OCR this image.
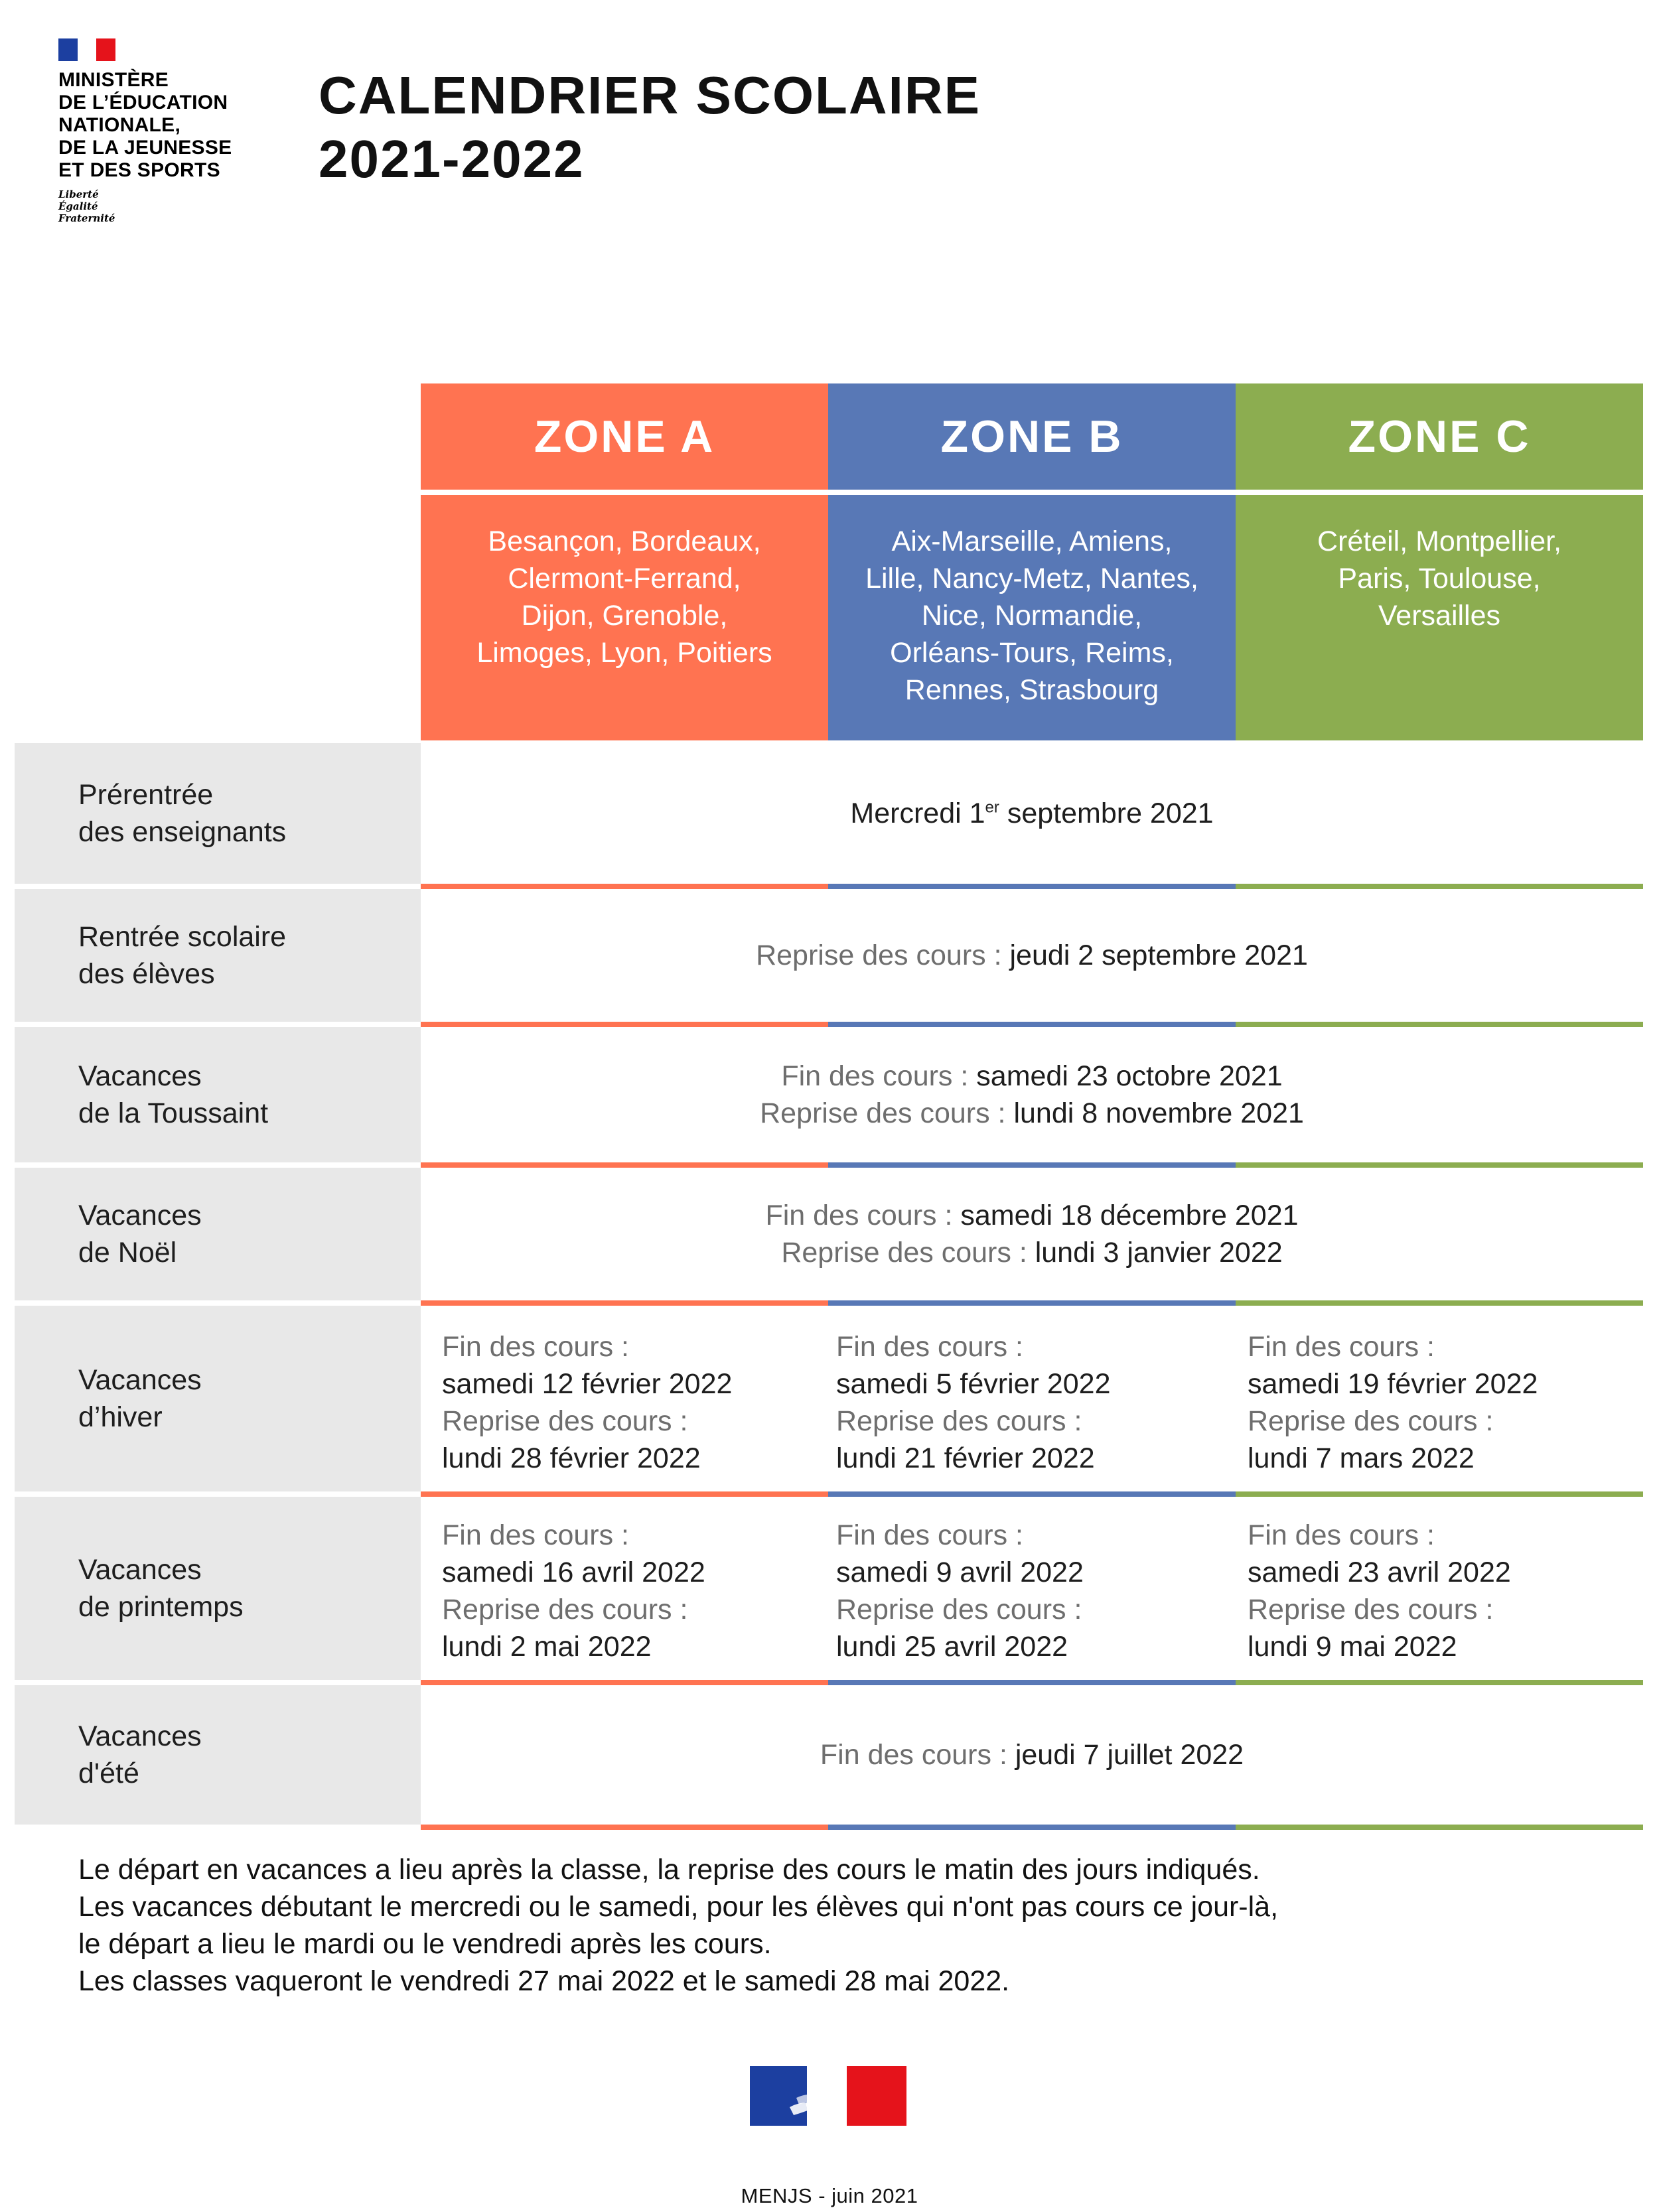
MINISTÈRE
DE L’ÉDUCATION
NATIONALE,
DE LA JEUNESSE
ET DES SPORTS
Liberté
Égalité
Fraternité
CALENDRIER SCOLAIRE
2021-2022
ZONE A	ZONE B	ZONE C
Besançon, Bordeaux,
Clermont-Ferrand,
Dijon, Grenoble,
Limoges, Lyon, Poitiers
Aix-Marseille, Amiens,
Lille, Nancy-Metz, Nantes,
Nice, Normandie,
Orléans-Tours, Reims,
Rennes, Strasbourg
Créteil, Montpellier,
Paris, Toulouse,
Versailles
Prérentrée
des enseignants
Mercredi 1er septembre 2021
Rentrée scolaire
des élèves
Reprise des cours : jeudi 2 septembre 2021
Vacances
de la Toussaint
Fin des cours : samedi 23 octobre 2021
Reprise des cours : lundi 8 novembre 2021
Vacances
de Noël
Fin des cours : samedi 18 décembre 2021
Reprise des cours : lundi 3 janvier 2022
Vacances
d’hiver
Fin des cours :
samedi 12 février 2022
Reprise des cours :
lundi 28 février 2022
Fin des cours :
samedi 5 février 2022
Reprise des cours :
lundi 21 février 2022
Fin des cours :
samedi 19 février 2022
Reprise des cours :
lundi 7 mars 2022
Vacances
de printemps
Fin des cours :
samedi 16 avril 2022
Reprise des cours :
lundi 2 mai 2022
Fin des cours :
samedi 9 avril 2022
Reprise des cours :
lundi 25 avril 2022
Fin des cours :
samedi 23 avril 2022
Reprise des cours :
lundi 9 mai 2022
Vacances
d'été
Fin des cours : jeudi 7 juillet 2022
Le départ en vacances a lieu après la classe, la reprise des cours le matin des jours indiqués.
Les vacances débutant le mercredi ou le samedi, pour les élèves qui n'ont pas cours ce jour-là,
le départ a lieu le mardi ou le vendredi après les cours.
Les classes vaqueront le vendredi 27 mai 2022 et le samedi 28 mai 2022.
MENJS - juin 2021
